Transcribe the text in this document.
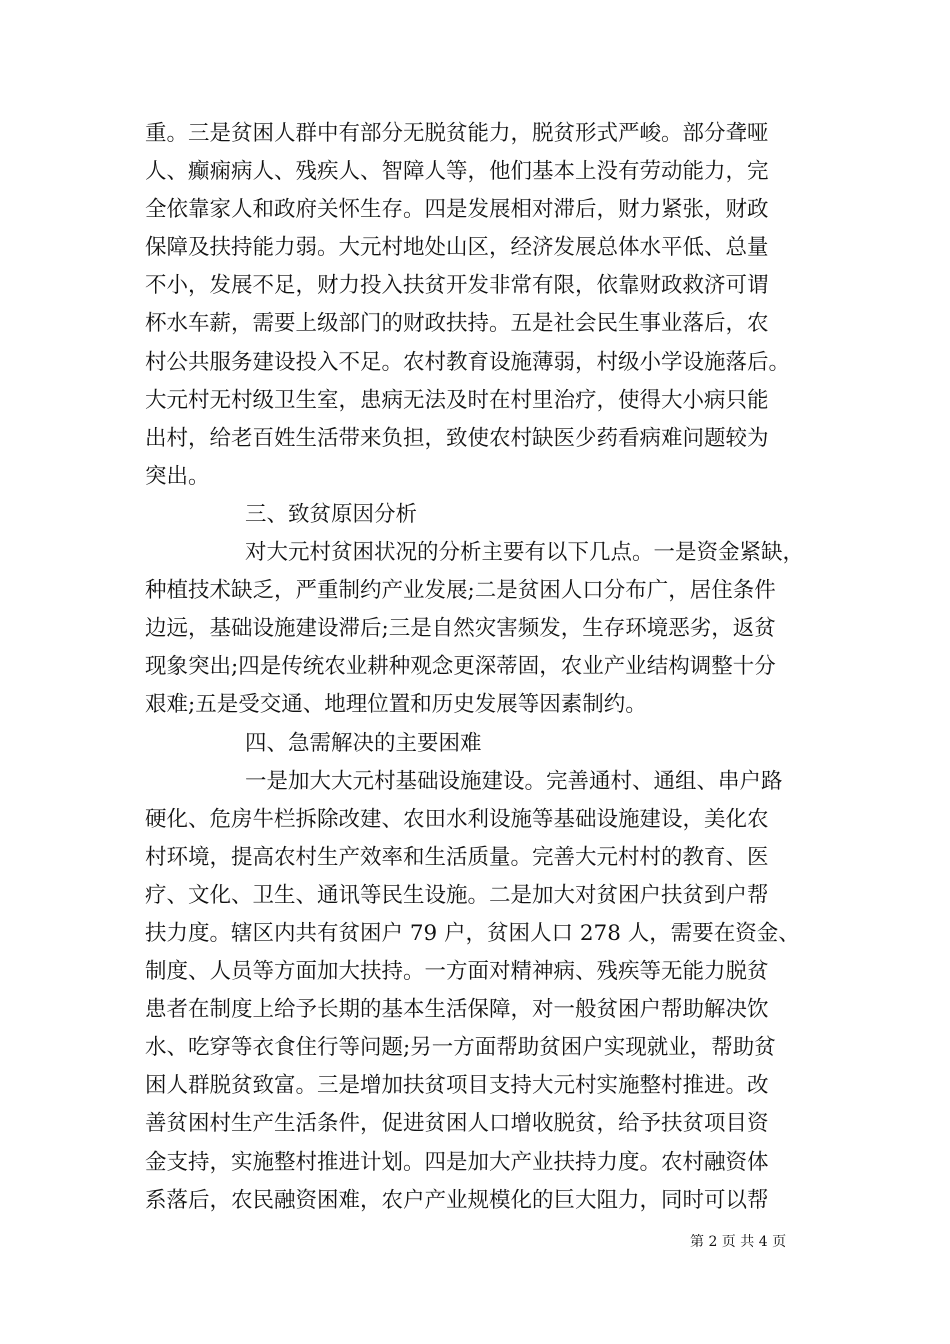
重。三是贫困人群中有部分无脱贫能力，脱贫形式严峻。部分聋哑
人、癫痫病人、残疾人、智障人等，他们基本上没有劳动能力，完
全依靠家人和政府关怀生存。四是发展相对滞后，财力紧张，财政
保障及扶持能力弱。大元村地处山区，经济发展总体水平低、总量
不小，发展不足，财力投入扶贫开发非常有限，依靠财政救济可谓
杯水车薪，需要上级部门的财政扶持。五是社会民生事业落后，农
村公共服务建设投入不足。农村教育设施薄弱，村级小学设施落后。
大元村无村级卫生室，患病无法及时在村里治疗，使得大小病只能
出村，给老百姓生活带来负担，致使农村缺医少药看病难问题较为
突出。
三、致贫原因分析
对大元村贫困状况的分析主要有以下几点。一是资金紧缺，
种植技术缺乏，严重制约产业发展;二是贫困人口分布广，居住条件
边远，基础设施建设滞后;三是自然灾害频发，生存环境恶劣，返贫
现象突出;四是传统农业耕种观念更深蒂固，农业产业结构调整十分
艰难;五是受交通、地理位置和历史发展等因素制约。
四、急需解决的主要困难
一是加大大元村基础设施建设。完善通村、通组、串户路
硬化、危房牛栏拆除改建、农田水利设施等基础设施建设，美化农
村环境，提高农村生产效率和生活质量。完善大元村村的教育、医
疗、文化、卫生、通讯等民生设施。二是加大对贫困户扶贫到户帮
扶力度。辖区内共有贫困户 79 户，贫困人口 278 人，需要在资金、
制度、人员等方面加大扶持。一方面对精神病、残疾等无能力脱贫
患者在制度上给予长期的基本生活保障，对一般贫困户帮助解决饮
水、吃穿等衣食住行等问题;另一方面帮助贫困户实现就业，帮助贫
困人群脱贫致富。三是增加扶贫项目支持大元村实施整村推进。改
善贫困村生产生活条件，促进贫困人口增收脱贫，给予扶贫项目资
金支持，实施整村推进计划。四是加大产业扶持力度。农村融资体
系落后，农民融资困难，农户产业规模化的巨大阻力，同时可以帮
第 2 页 共 4 页
